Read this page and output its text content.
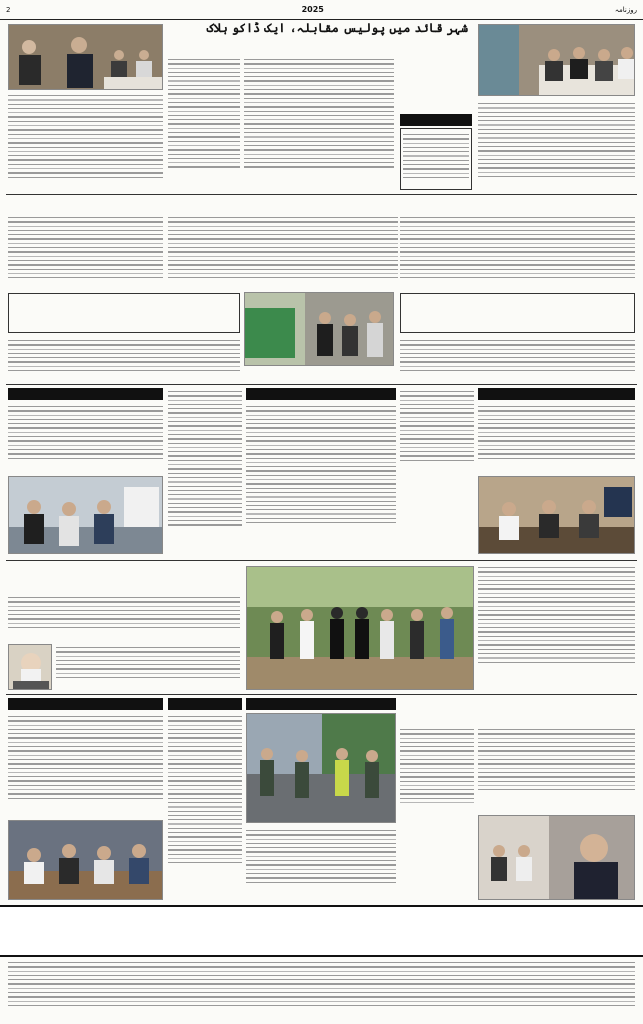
2	2025	روزنامہ
شہر قائد میں پولیس مقابلہ، ایک ڈاکو ہلاک
